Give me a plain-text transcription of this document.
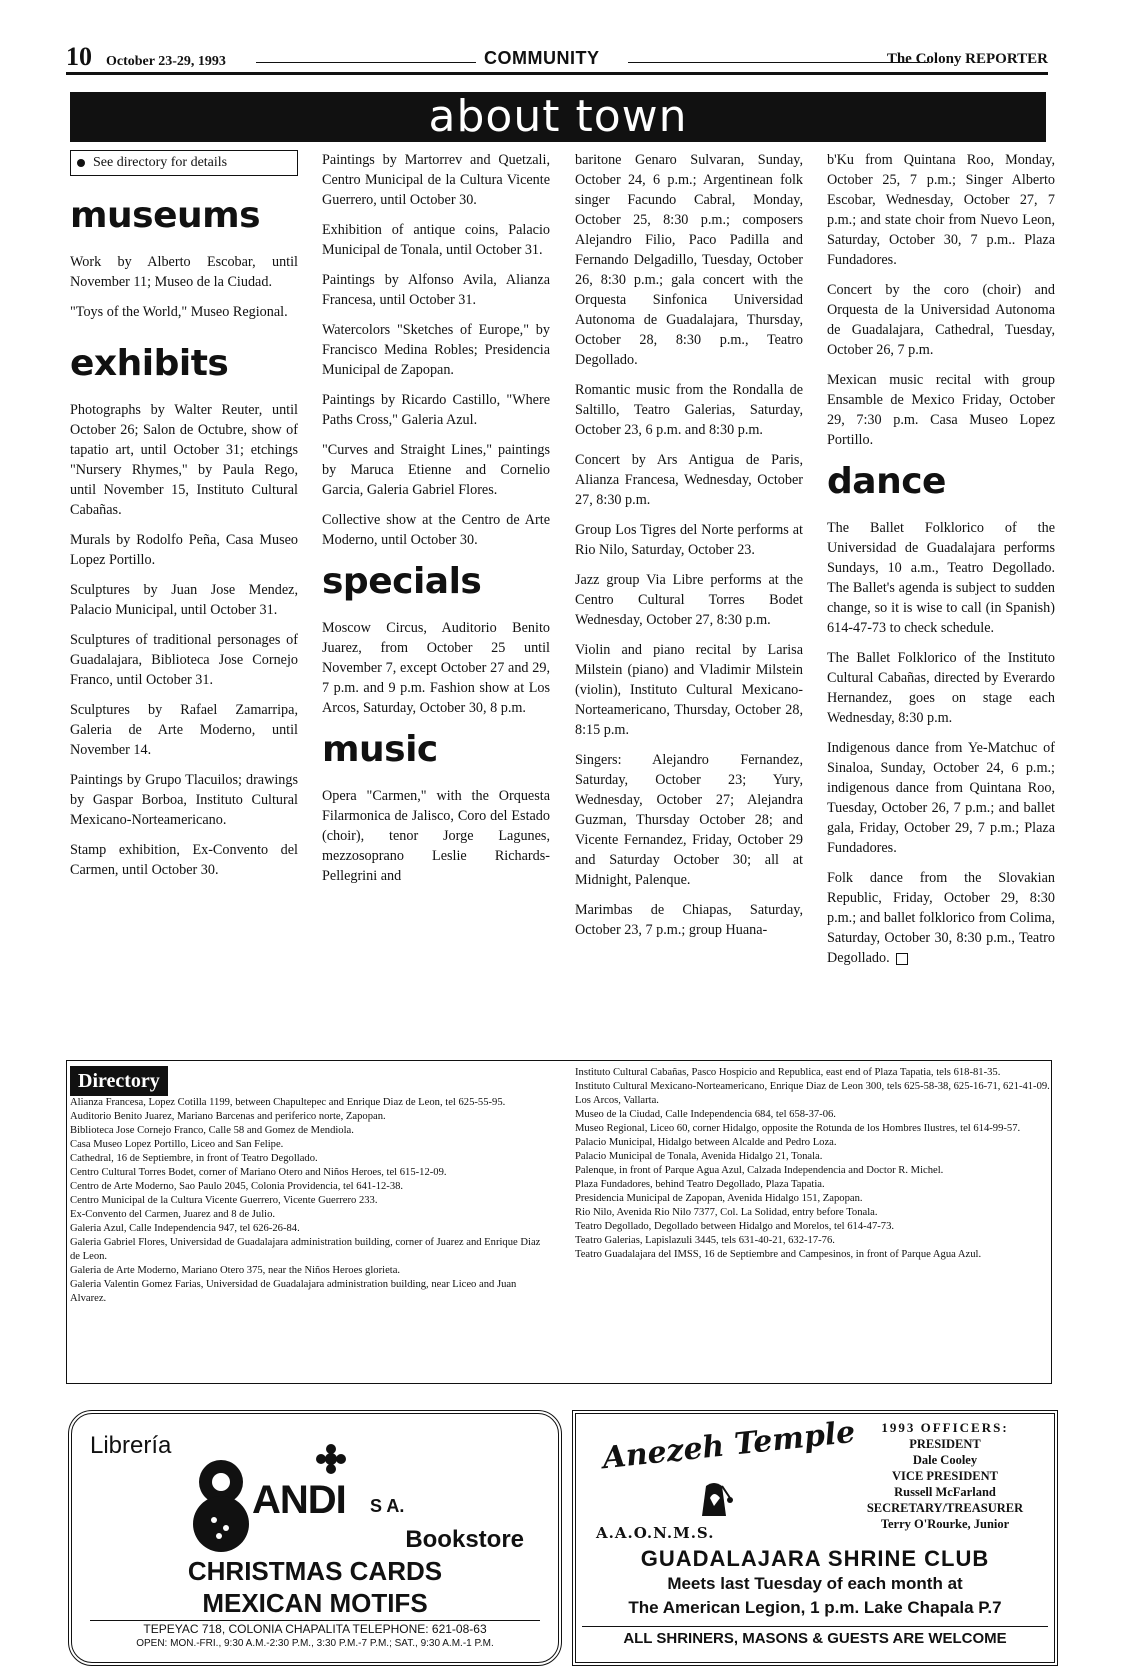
10 October 23-29, 1993	COMMUNITY	The Colony REPORTER
about town
See directory for details
museums

Work by Alberto Escobar, until November 11; Museo de la Ciudad.

"Toys of the World," Museo Regional.

exhibits

Photographs by Walter Reuter, until October 26; Salon de Octubre, show of tapatio art, until October 31; etchings "Nursery Rhymes," by Paula Rego, until November 15, Instituto Cultural Cabañas.

Murals by Rodolfo Peña, Casa Museo Lopez Portillo.

Sculptures by Juan Jose Mendez, Palacio Municipal, until October 31.

Sculptures of traditional personages of Guadalajara, Biblioteca Jose Cornejo Franco, until October 31.

Sculptures by Rafael Zamarripa, Galeria de Arte Moderno, until November 14.

Paintings by Grupo Tlacuilos; drawings by Gaspar Borboa, Instituto Cultural Mexicano-Norteamericano.

Stamp exhibition, Ex-Convento del Carmen, until October 30.

Paintings by Martorrev and Quetzali, Centro Municipal de la Cultura Vicente Guerrero, until October 30.

Exhibition of antique coins, Palacio Municipal de Tonala, until October 31.

Paintings by Alfonso Avila, Alianza Francesa, until October 31.

Watercolors "Sketches of Europe," by Francisco Medina Robles; Presidencia Municipal de Zapopan.

Paintings by Ricardo Castillo, "Where Paths Cross," Galeria Azul.

"Curves and Straight Lines," paintings by Maruca Etienne and Cornelio Garcia, Galeria Gabriel Flores.

Collective show at the Centro de Arte Moderno, until October 30.

specials

Moscow Circus, Auditorio Benito Juarez, from October 25 until November 7, except October 27 and 29, 7 p.m. and 9 p.m. Fashion show at Los Arcos, Saturday, October 30, 8 p.m.

music

Opera "Carmen," with the Orquesta Filarmonica de Jalisco, Coro del Estado (choir), tenor Jorge Lagunes, mezzosoprano Leslie Richards-Pellegrini and

baritone Genaro Sulvaran, Sunday, October 24, 6 p.m.; Argentinean folk singer Facundo Cabral, Monday, October 25, 8:30 p.m.; composers Alejandro Filio, Paco Padilla and Fernando Delgadillo, Tuesday, October 26, 8:30 p.m.; gala concert with the Orquesta Sinfonica Universidad Autonoma de Guadalajara, Thursday, October 28, 8:30 p.m., Teatro Degollado.

Romantic music from the Rondalla de Saltillo, Teatro Galerias, Saturday, October 23, 6 p.m. and 8:30 p.m.

Concert by Ars Antigua de Paris, Alianza Francesa, Wednesday, October 27, 8:30 p.m.

Group Los Tigres del Norte performs at Rio Nilo, Saturday, October 23.

Jazz group Via Libre performs at the Centro Cultural Torres Bodet Wednesday, October 27, 8:30 p.m.

Violin and piano recital by Larisa Milstein (piano) and Vladimir Milstein (violin), Instituto Cultural Mexicano-Norteamericano, Thursday, October 28, 8:15 p.m.

Singers: Alejandro Fernandez, Saturday, October 23; Yury, Wednesday, October 27; Alejandra Guzman, Thursday October 28; and Vicente Fernandez, Friday, October 29 and Saturday October 30; all at Midnight, Palenque.

Marimbas de Chiapas, Saturday, October 23, 7 p.m.; group Huana-

b'Ku from Quintana Roo, Monday, October 25, 7 p.m.; Singer Alberto Escobar, Wednesday, October 27, 7 p.m.; and state choir from Nuevo Leon, Saturday, October 30, 7 p.m.. Plaza Fundadores.

Concert by the coro (choir) and Orquesta de la Universidad Autonoma de Guadalajara, Cathedral, Tuesday, October 26, 7 p.m.

Mexican music recital with group Ensamble de Mexico Friday, October 29, 7:30 p.m. Casa Museo Lopez Portillo.

dance

The Ballet Folklorico of the Universidad de Guadalajara performs Sundays, 10 a.m., Teatro Degollado. The Ballet's agenda is subject to sudden change, so it is wise to call (in Spanish) 614-47-73 to check schedule.

The Ballet Folklorico of the Instituto Cultural Cabañas, directed by Everardo Hernandez, goes on stage each Wednesday, 8:30 p.m.

Indigenous dance from Ye-Matchuc of Sinaloa, Sunday, October 24, 6 p.m.; indigenous dance from Quintana Roo, Tuesday, October 26, 7 p.m.; and ballet gala, Friday, October 29, 7 p.m.; Plaza Fundadores.

Folk dance from the Slovakian Republic, Friday, October 29, 8:30 p.m.; and ballet folklorico from Colima, Saturday, October 30, 8:30 p.m., Teatro Degollado.

Directory

Alianza Francesa, Lopez Cotilla 1199, between Chapultepec and Enrique Diaz de Leon, tel 625-55-95.

Auditorio Benito Juarez, Mariano Barcenas and periferico norte, Zapopan.

Biblioteca Jose Cornejo Franco, Calle 58 and Gomez de Mendiola.

Casa Museo Lopez Portillo, Liceo and San Felipe.

Cathedral, 16 de Septiembre, in front of Teatro Degollado.

Centro Cultural Torres Bodet, corner of Mariano Otero and Niños Heroes, tel 615-12-09.

Centro de Arte Moderno, Sao Paulo 2045, Colonia Providencia, tel 641-12-38.

Centro Municipal de la Cultura Vicente Guerrero, Vicente Guerrero 233.

Ex-Convento del Carmen, Juarez and 8 de Julio.

Galeria Azul, Calle Independencia 947, tel 626-26-84.

Galeria Gabriel Flores, Universidad de Guadalajara administration building, corner of Juarez and Enrique Diaz de Leon.

Galeria de Arte Moderno, Mariano Otero 375, near the Niños Heroes glorieta.

Galeria Valentin Gomez Farias, Universidad de Guadalajara administration building, near Liceo and Juan Alvarez.

Instituto Cultural Cabañas, Pasco Hospicio and Republica, east end of Plaza Tapatia, tels 618-81-35.

Instituto Cultural Mexicano-Norteamericano, Enrique Diaz de Leon 300, tels 625-58-38, 625-16-71, 621-41-09.

Los Arcos, Vallarta.

Museo de la Ciudad, Calle Independencia 684, tel 658-37-06.

Museo Regional, Liceo 60, corner Hidalgo, opposite the Rotunda de los Hombres Ilustres, tel 614-99-57.

Palacio Municipal, Hidalgo between Alcalde and Pedro Loza.

Palacio Municipal de Tonala, Avenida Hidalgo 21, Tonala.

Palenque, in front of Parque Agua Azul, Calzada Independencia and Doctor R. Michel.

Plaza Fundadores, behind Teatro Degollado, Plaza Tapatia.

Presidencia Municipal de Zapopan, Avenida Hidalgo 151, Zapopan.

Rio Nilo, Avenida Rio Nilo 7377, Col. La Solidad, entry before Tonala.

Teatro Degollado, Degollado between Hidalgo and Morelos, tel 614-47-73.

Teatro Galerias, Lapislazuli 3445, tels 631-40-21, 632-17-76.

Teatro Guadalajara del IMSS, 16 de Septiembre and Campesinos, in front of Parque Agua Azul.

Librería
ANDI S A.
Bookstore
CHRISTMAS CARDS
MEXICAN MOTIFS
TEPEYAC 718, COLONIA CHAPALITA TELEPHONE: 621-08-63
OPEN: MON.-FRI., 9:30 A.M.-2:30 P.M., 3:30 P.M.-7 P.M.; SAT., 9:30 A.M.-1 P.M.
Anezeh Temple
A.A.O.N.M.S.
1993 OFFICERS:
PRESIDENT
Dale Cooley
VICE PRESIDENT
Russell McFarland
SECRETARY/TREASURER
Terry O'Rourke, Junior
GUADALAJARA SHRINE CLUB
Meets last Tuesday of each month at
The American Legion, 1 p.m. Lake Chapala P.7
ALL SHRINERS, MASONS & GUESTS ARE WELCOME
